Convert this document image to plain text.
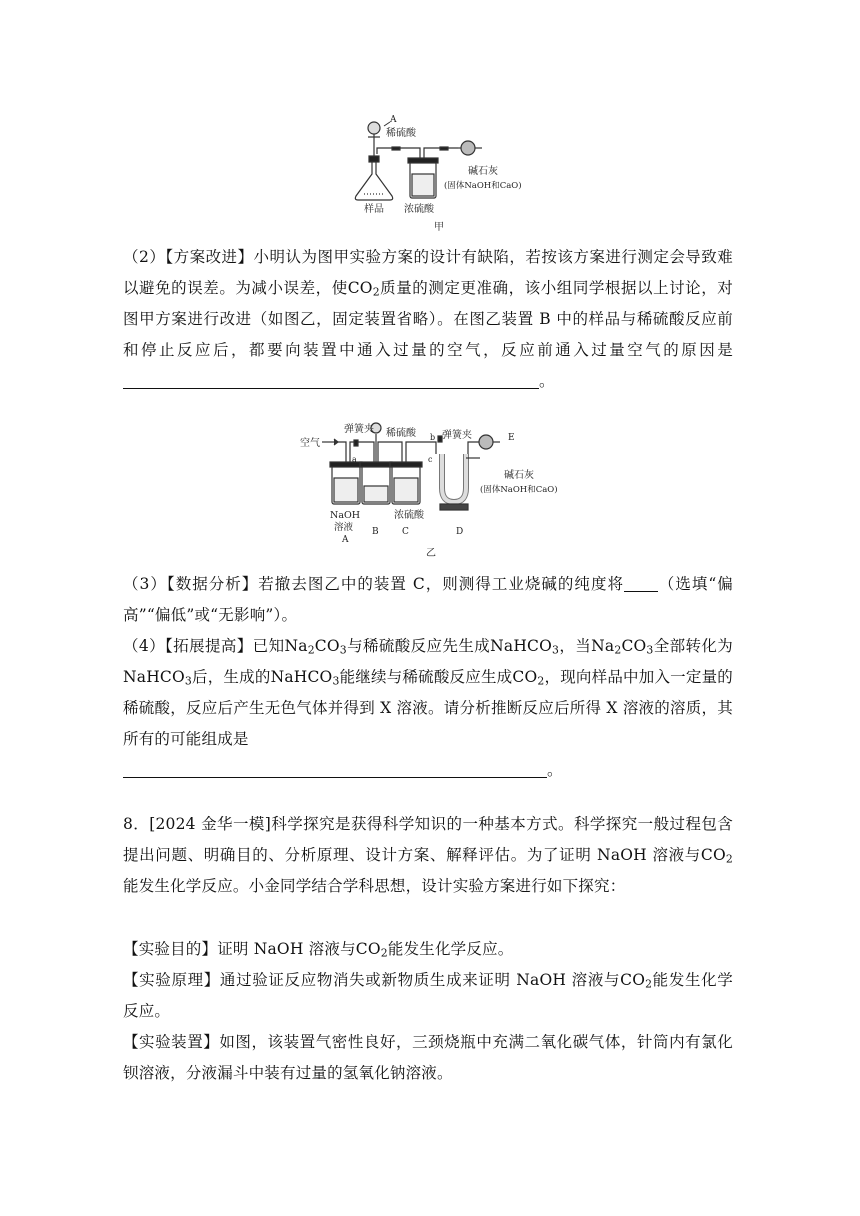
A
稀硫酸
样品 浓硫酸
碱石灰
(固体NaOH和CaO)
甲
（2）【方案改进】小明认为图甲实验方案的设计有缺陷，若按该方案进行测定会导致难以避免的误差。为减小误差，使$CO_2$质量的测定更准确，该小组同学根据以上讨论，对图甲方案进行改进（如图乙，固定装置省略）。在图乙装置 B 中的样品与稀硫酸反应前和停止反应后，都要向装置中通入过量的空气，反应前通入过量空气的原因是。
空气
弹簧夹 稀硫酸	弹簧夹	E
a
b
c
碱石灰
(固体NaOH和CaO)
NaOH
溶液
浓硫酸
A
B	C	D
乙
（3）【数据分析】若撤去图乙中的装置 C，则测得工业烧碱的纯度将 （选填“偏高”“偏低”或“无影响”）。
（4）【拓展提高】已知$Na_2CO_3$与稀硫酸反应先生成NaHCO$_3$，当$Na_2CO_3$全部转化为NaHCO$_3$后，生成的NaHCO$_3$能继续与稀硫酸反应生成$CO_2$，现向样品中加入一定量的稀硫酸，反应后产生无色气体并得到 X 溶液。请分析推断反应后所得 X 溶液的溶质，其所有的可能组成是
。
8．[2024 金华一模]科学探究是获得科学知识的一种基本方式。科学探究一般过程包含提出问题、明确目的、分析原理、设计方案、解释评估。为了证明 NaOH 溶液与$CO_2$能发生化学反应。小金同学结合学科思想，设计实验方案进行如下探究：
【实验目的】证明 NaOH 溶液与$CO_2$能发生化学反应。
【实验原理】通过验证反应物消失或新物质生成来证明 NaOH 溶液与$CO_2$能发生化学反应。
【实验装置】如图，该装置气密性良好，三颈烧瓶中充满二氧化碳气体，针筒内有氯化钡溶液，分液漏斗中装有过量的氢氧化钠溶液。
